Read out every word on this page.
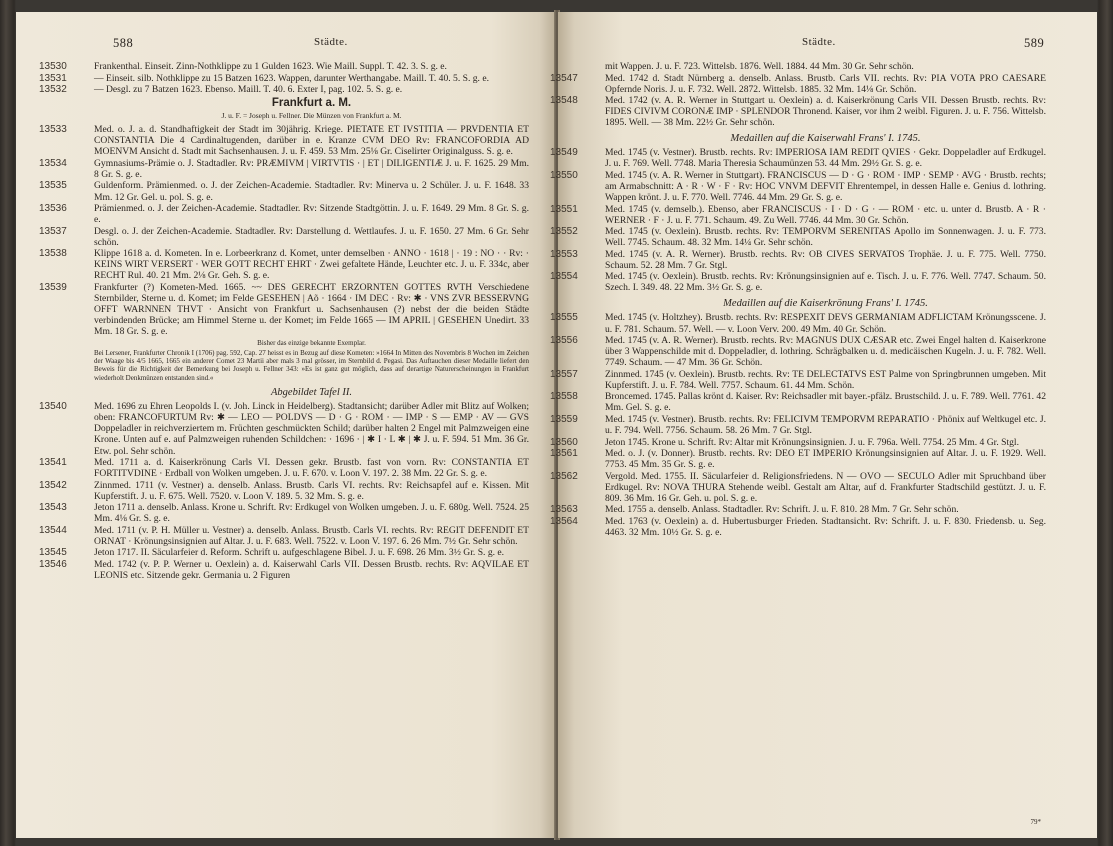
588	Städte.
13530	Frankenthal. Einseit. Zinn-Nothklippe zu 1 Gulden 1623. Wie Maill. Suppl. T. 42. 3. S. g. e.
13531	— Einseit. silb. Nothklippe zu 15 Batzen 1623. Wappen, darunter Werthangabe. Maill. T. 40. 5. S. g. e.
13532	— Desgl. zu 7 Batzen 1623. Ebenso. Maill. T. 40. 6. Exter I, pag. 102. 5. S. g. e.
Frankfurt a. M.
J. u. F. = Joseph u. Fellner. Die Münzen von Frankfurt a. M.
13533	Med. o. J. a. d. Standhaftigkeit der Stadt im 30jährig. Kriege. PIETATE ET IVSTITIA — PRVDENTIA ET CONSTANTIA Die 4 Cardinaltugenden, darüber in e. Kranze CVM DEO Rv: FRANCOFORDIA AD MOENVM Ansicht d. Stadt mit Sachsenhausen. J. u. F. 459. 53 Mm. 25⅛ Gr. Ciselirter Originalguss. S. g. e.
13534	Gymnasiums-Prämie o. J. Stadtadler. Rv: PRÆMIVM | VIRTVTIS · | ET | DILIGENTIÆ J. u. F. 1625. 29 Mm. 8 Gr. S. g. e.
13535	Guldenform. Prämienmed. o. J. der Zeichen-Academie. Stadtadler. Rv: Minerva u. 2 Schüler. J. u. F. 1648. 33 Mm. 12 Gr. Gel. u. pol. S. g. e.
13536	Prämienmed. o. J. der Zeichen-Academie. Stadtadler. Rv: Sitzende Stadtgöttin. J. u. F. 1649. 29 Mm. 8 Gr. S. g. e.
13537	Desgl. o. J. der Zeichen-Academie. Stadtadler. Rv: Darstellung d. Wettlaufes. J. u. F. 1650. 27 Mm. 6 Gr. Sehr schön.
13538	Klippe 1618 a. d. Kometen. In e. Lorbeerkranz d. Komet, unter demselben · ANNO · 1618 | · 19 : NO · · Rv: · KEINS WIRT VERSERT · WER GOTT RECHT EHRT · Zwei gefaltete Hände, Leuchter etc. J. u. F. 334c, aber RECHT Rul. 40. 21 Mm. 2⅛ Gr. Geh. S. g. e.
13539	Frankfurter (?) Kometen-Med. 1665. ~~ DES GERECHT ERZORNTEN GOTTES RVTH Verschiedene Sternbilder, Sterne u. d. Komet; im Felde GESEHEN | Aõ · 1664 · IM DEC · Rv: ✱ · VNS ZVR BESSERVNG OFFT WARNNEN THVT · Ansicht von Frankfurt u. Sachsenhausen (?) nebst der die beiden Städte verbindenden Brücke; am Himmel Sterne u. der Komet; im Felde 1665 — IM APRIL | GESEHEN Unedirt. 33 Mm. 18 Gr. S. g. e.
Bisher das einzige bekannte Exemplar.
Bei Lersener, Frankfurter Chronik I (1706) pag. 592, Cap. 27 heisst es in Bezug auf diese Kometen: »1664 In Mitten des Novembris 8 Wochen im Zeichen der Waage bis 4/5 1665, 1665 ein anderer Comet 23 Martii aber mals 3 mal grösser, im Sternbild d. Pegasi. Das Auftauchen dieser Medaille liefert den Beweis für die Richtigkeit der Bemerkung bei Joseph u. Fellner 343: »Es ist ganz gut möglich, dass auf derartige Naturerscheinungen in Frankfurt wiederholt Denkmünzen entstanden sind.«
Abgebildet Tafel II.
13540	Med. 1696 zu Ehren Leopolds I. (v. Joh. Linck in Heidelberg). Stadtansicht; darüber Adler mit Blitz auf Wolken; oben: FRANCOFURTUM Rv: ✱ — LEO — POLDVS — D · G · ROM · — IMP · S — EMP · AV — GVS Doppeladler in reichverziertem m. Früchten geschmückten Schild; darüber halten 2 Engel mit Palmzweigen eine Krone. Unten auf e. auf Palmzweigen ruhenden Schildchen: · 1696 · | ✱ I · L ✱ | ✱ J. u. F. 594. 51 Mm. 36 Gr. Etw. pol. Sehr schön.
13541	Med. 1711 a. d. Kaiserkrönung Carls VI. Dessen gekr. Brustb. fast von vorn. Rv: CONSTANTIA ET FORTITVDINE · Erdball von Wolken umgeben. J. u. F. 670. v. Loon V. 197. 2. 38 Mm. 22 Gr. S. g. e.
13542	Zinnmed. 1711 (v. Vestner) a. denselb. Anlass. Brustb. Carls VI. rechts. Rv: Reichsapfel auf e. Kissen. Mit Kupferstift. J. u. F. 675. Well. 7520. v. Loon V. 189. 5. 32 Mm. S. g. e.
13543	Jeton 1711 a. denselb. Anlass. Krone u. Schrift. Rv: Erdkugel von Wolken umgeben. J. u. F. 680g. Well. 7524. 25 Mm. 4⅛ Gr. S. g. e.
13544	Med. 1711 (v. P. H. Müller u. Vestner) a. denselb. Anlass. Brustb. Carls VI. rechts. Rv: REGIT DEFENDIT ET ORNAT · Krönungsinsignien auf Altar. J. u. F. 683. Well. 7522. v. Loon V. 197. 6. 26 Mm. 7½ Gr. Sehr schön.
13545	Jeton 1717. II. Säcularfeier d. Reform. Schrift u. aufgeschlagene Bibel. J. u. F. 698. 26 Mm. 3½ Gr. S. g. e.
13546	Med. 1742 (v. P. P. Werner u. Oexlein) a. d. Kaiserwahl Carls VII. Dessen Brustb. rechts. Rv: AQVILAE ET LEONIS etc. Sitzende gekr. Germania u. 2 Figuren
Städte.	589
mit Wappen. J. u. F. 723. Wittelsb. 1876. Well. 1884. 44 Mm. 30 Gr. Sehr schön.
13547	Med. 1742 d. Stadt Nürnberg a. denselb. Anlass. Brustb. Carls VII. rechts. Rv: PIA VOTA PRO CAESARE Opfernde Noris. J. u. F. 732. Well. 2872. Wittelsb. 1885. 32 Mm. 14⅛ Gr. Schön.
13548	Med. 1742 (v. A. R. Werner in Stuttgart u. Oexlein) a. d. Kaiserkrönung Carls VII. Dessen Brustb. rechts. Rv: FIDES CIVIVM CORONÆ IMP · SPLENDOR Thronend. Kaiser, vor ihm 2 weibl. Figuren. J. u. F. 756. Wittelsb. 1895. Well. — 38 Mm. 22½ Gr. Sehr schön.
Medaillen auf die Kaiserwahl Frans' I. 1745.
13549	Med. 1745 (v. Vestner). Brustb. rechts. Rv: IMPERIOSA IAM REDIT QVIES · Gekr. Doppeladler auf Erdkugel. J. u. F. 769. Well. 7748. Maria Theresia Schaumünzen 53. 44 Mm. 29½ Gr. S. g. e.
13550	Med. 1745 (v. A. R. Werner in Stuttgart). FRANCISCUS — D · G · ROM · IMP · SEMP · AVG · Brustb. rechts; am Armabschnitt: A · R · W · F · Rv: HOC VNVM DEFVIT Ehrentempel, in dessen Halle e. Genius d. lothring. Wappen krönt. J. u. F. 770. Well. 7746. 44 Mm. 29 Gr. S. g. e.
13551	Med. 1745 (v. demselb.). Ebenso, aber FRANCISCUS · I · D · G · — ROM · etc. u. unter d. Brustb. A · R · WERNER · F · J. u. F. 771. Schaum. 49. Zu Well. 7746. 44 Mm. 30 Gr. Schön.
13552	Med. 1745 (v. Oexlein). Brustb. rechts. Rv: TEMPORVM SERENITAS Apollo im Sonnenwagen. J. u. F. 773. Well. 7745. Schaum. 48. 32 Mm. 14¼ Gr. Sehr schön.
13553	Med. 1745 (v. A. R. Werner). Brustb. rechts. Rv: OB CIVES SERVATOS Trophäe. J. u. F. 775. Well. 7750. Schaum. 52. 28 Mm. 7 Gr. Stgl.
13554	Med. 1745 (v. Oexlein). Brustb. rechts. Rv: Krönungsinsignien auf e. Tisch. J. u. F. 776. Well. 7747. Schaum. 50. Szech. I. 349. 48. 22 Mm. 3½ Gr. S. g. e.
Medaillen auf die Kaiserkrönung Frans' I. 1745.
13555	Med. 1745 (v. Holtzhey). Brustb. rechts. Rv: RESPEXIT DEVS GERMANIAM ADFLICTAM Krönungsscene. J. u. F. 781. Schaum. 57. Well. — v. Loon Verv. 200. 49 Mm. 40 Gr. Schön.
13556	Med. 1745 (v. A. R. Werner). Brustb. rechts. Rv: MAGNUS DUX CÆSAR etc. Zwei Engel halten d. Kaiserkrone über 3 Wappenschilde mit d. Doppeladler, d. lothring. Schrägbalken u. d. medicäischen Kugeln. J. u. F. 782. Well. 7749. Schaum. — 47 Mm. 36 Gr. Schön.
13557	Zinnmed. 1745 (v. Oexlein). Brustb. rechts. Rv: TE DELECTATVS EST Palme von Springbrunnen umgeben. Mit Kupferstift. J. u. F. 784. Well. 7757. Schaum. 61. 44 Mm. Schön.
13558	Broncemed. 1745. Pallas krönt d. Kaiser. Rv: Reichsadler mit bayer.-pfälz. Brustschild. J. u. F. 789. Well. 7761. 42 Mm. Gel. S. g. e.
13559	Med. 1745 (v. Vestner). Brustb. rechts. Rv: FELICIVM TEMPORVM REPARATIO · Phönix auf Weltkugel etc. J. u. F. 794. Well. 7756. Schaum. 58. 26 Mm. 7 Gr. Stgl.
13560	Jeton 1745. Krone u. Schrift. Rv: Altar mit Krönungsinsignien. J. u. F. 796a. Well. 7754. 25 Mm. 4 Gr. Stgl.
13561	Med. o. J. (v. Donner). Brustb. rechts. Rv: DEO ET IMPERIO Krönungsinsignien auf Altar. J. u. F. 1929. Well. 7753. 45 Mm. 35 Gr. S. g. e.
13562	Vergold. Med. 1755. II. Säcularfeier d. Religionsfriedens. N — OVO — SECULO Adler mit Spruchband über Erdkugel. Rv: NOVA THURA Stehende weibl. Gestalt am Altar, auf d. Frankfurter Stadtschild gestützt. J. u. F. 809. 36 Mm. 16 Gr. Geh. u. pol. S. g. e.
13563	Med. 1755 a. denselb. Anlass. Stadtadler. Rv: Schrift. J. u. F. 810. 28 Mm. 7 Gr. Sehr schön.
13564	Med. 1763 (v. Oexlein) a. d. Hubertusburger Frieden. Stadtansicht. Rv: Schrift. J. u. F. 830. Friedensb. u. Seg. 4463. 32 Mm. 10½ Gr. S. g. e.
79*
